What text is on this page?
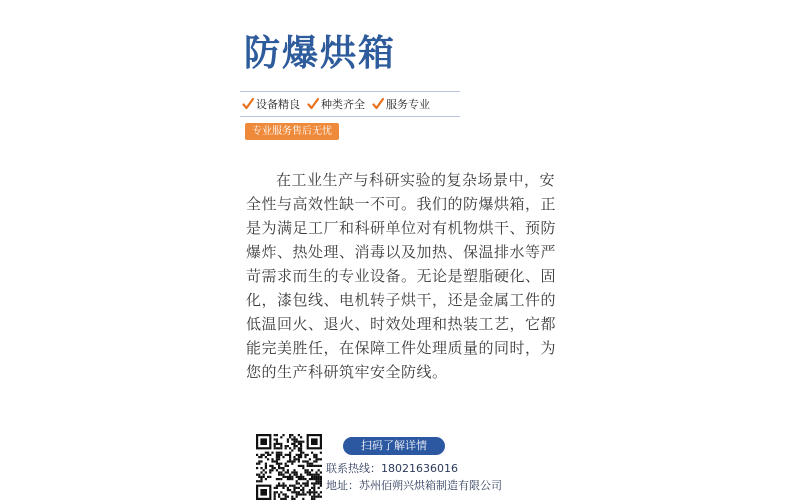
防爆烘箱
设备精良 种类齐全 服务专业
专业服务售后无忧

在工业生产与科研实验的复杂场景中，安全性与高效性缺一不可。我们的防爆烘箱，正是为满足工厂和科研单位对有机物烘干、预防爆炸、热处理、消毒以及加热、保温排水等严苛需求而生的专业设备。无论是塑脂硬化、固化，漆包线、电机转子烘干，还是金属工件的低温回火、退火、时效处理和热装工艺，它都能完美胜任，在保障工件处理质量的同时，为您的生产科研筑牢安全防线。

扫码了解详情
联系热线：18021636016
地址：苏州佰朔兴烘箱制造有限公司
